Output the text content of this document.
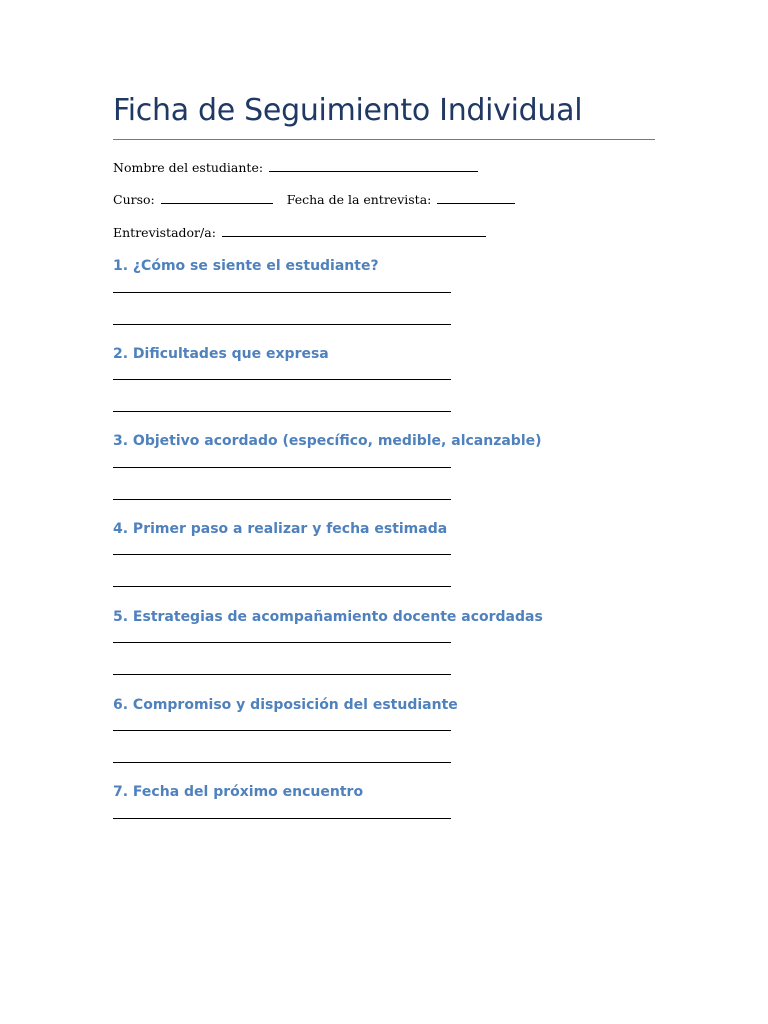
Ficha de Seguimiento Individual
Nombre del estudiante:
Curso:	Fecha de la entrevista:
Entrevistador/a:
1. ¿Cómo se siente el estudiante?
2. Dificultades que expresa
3. Objetivo acordado (específico, medible, alcanzable)
4. Primer paso a realizar y fecha estimada
5. Estrategias de acompañamiento docente acordadas
6. Compromiso y disposición del estudiante
7. Fecha del próximo encuentro
